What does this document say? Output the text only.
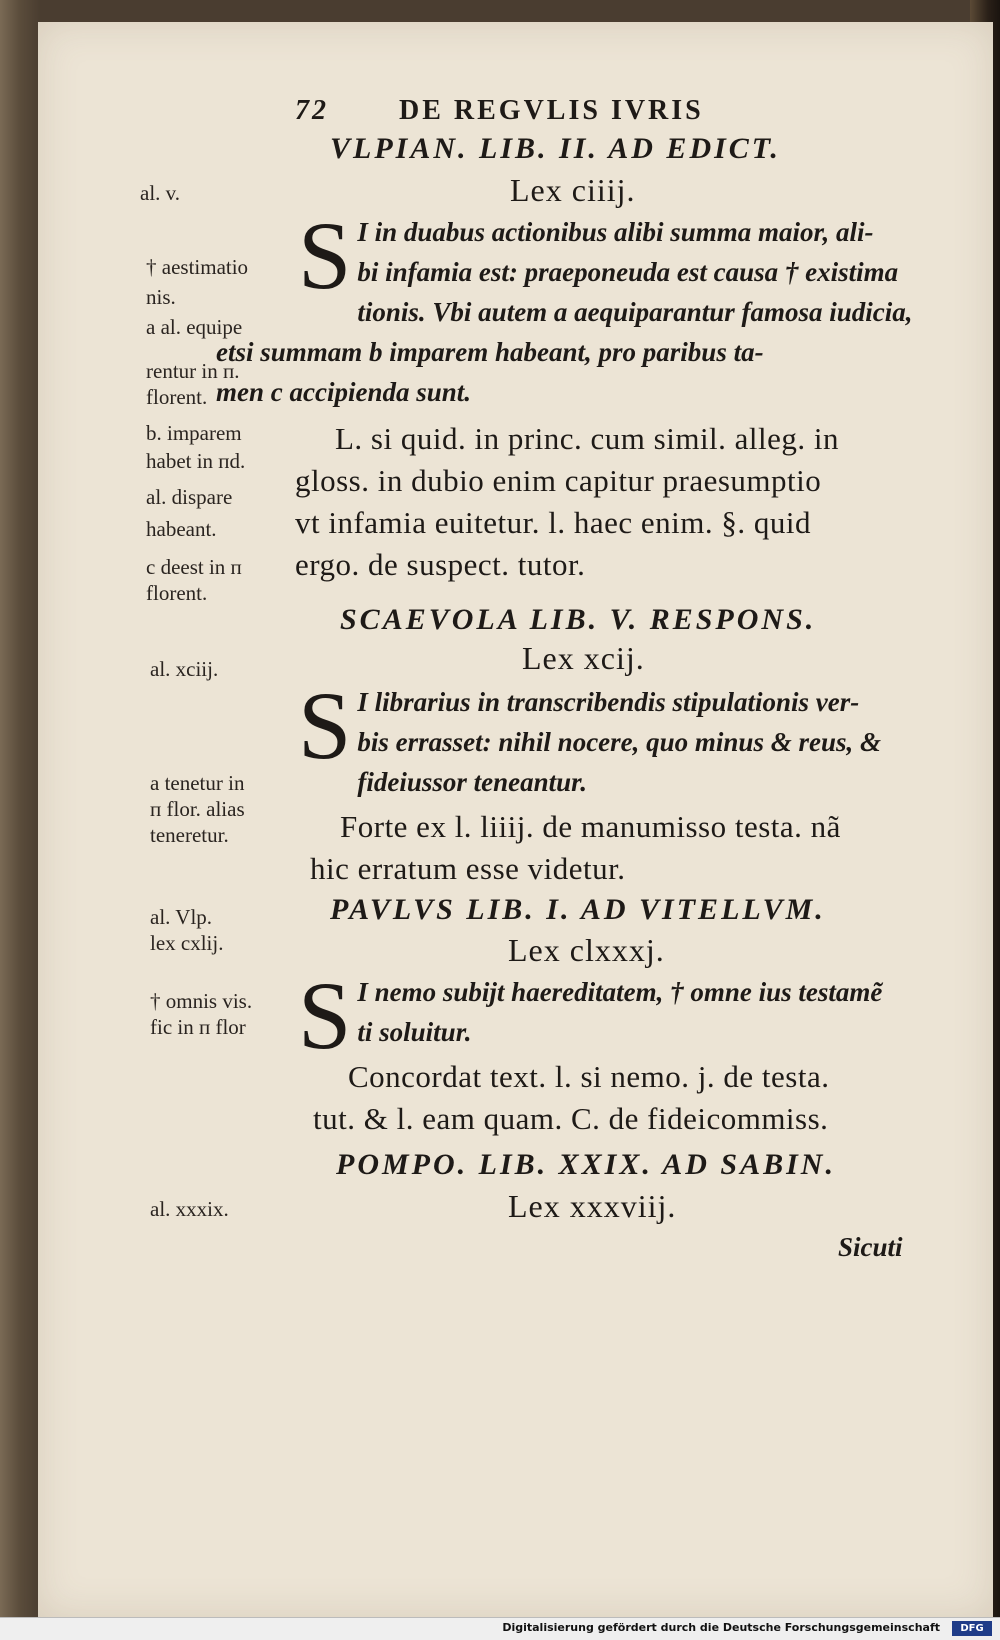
72	DE REGVLIS IVRIS
VLPIAN. LIB. II. AD EDICT.
Lex ciiij.
S I in duabus actionibus alibi summa maior, ali-
bi infamia est: praeponeuda est causa † existima
tionis. Vbi autem a aequiparantur famosa iudicia,
etsi summam b imparem habeant, pro paribus ta-
men c accipienda sunt.
L. si quid. in princ. cum simil. alleg. in
gloss. in dubio enim capitur praesumptio
vt infamia euitetur. l. haec enim. §. quid
ergo. de suspect. tutor.
SCAEVOLA LIB. V. RESPONS.
Lex xcij.
S I librarius in transcribendis stipulationis ver-
bis errasset: nihil nocere, quo minus & reus, &
fideiussor teneantur.
Forte ex l. liiij. de manumisso testa. nã
hic erratum esse videtur.
PAVLVS LIB. I. AD VITELLVM.
Lex clxxxj.
S I nemo subijt haereditatem, † omne ius testamẽ
ti soluitur.
Concordat text. l. si nemo. j. de testa.
tut. & l. eam quam. C. de fideicommiss.
POMPO. LIB. XXIX. AD SABIN.
Lex xxxviij.
Sicuti
al. v.
† aestimatio
nis.
a al. equipe
rentur in ᴨ.
florent.
b. imparem
habet in ᴨd.
al. dispare
habeant.
c deest in ᴨ
florent.
al. xciij.
a tenetur in
ᴨ flor. alias
teneretur.
al. Vlp.
lex cxlij.
† omnis vis.
fic in ᴨ flor
al. xxxix.
Digitalisierung gefördert durch die Deutsche Forschungsgemeinschaft	DFG
